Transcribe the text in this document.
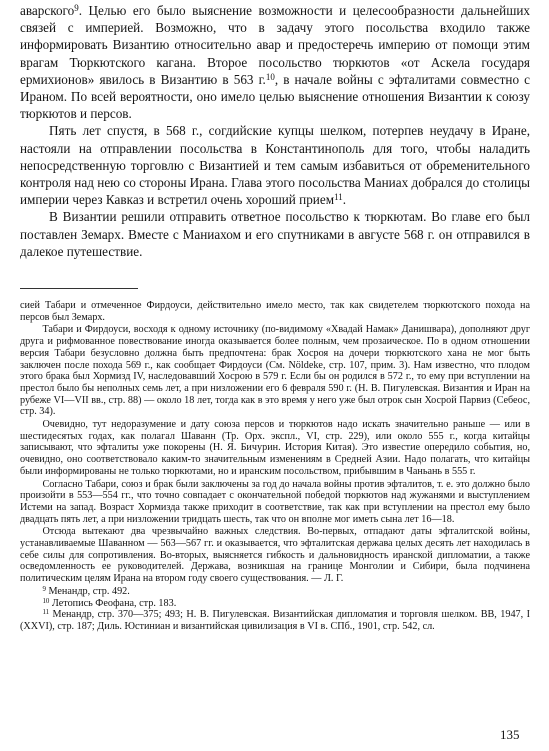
аварского$^9$. Целью его было выяснение возможности и целесообразности дальнейших связей с империей. Возможно, что в задачу этого посольства входило также информировать Византию относительно авар и предостеречь империю от помощи этим врагам Тюркютского кагана. Второе посольство тюркютов «от Аскела государя ермихионов» явилось в Византию в 563 г.$^{10}$, в начале войны с эфталитами совместно с Ираном. По всей вероятности, оно имело целью выяснение отношения Византии к союзу тюркютов и персов.

Пять лет спустя, в 568 г., согдийские купцы шелком, потерпев неудачу в Иране, настояли на отправлении посольства в Константинополь для того, чтобы наладить непосредственную торговлю с Византией и тем самым избавиться от обременительного контроля над нею со стороны Ирана. Глава этого посольства Маниах добрался до столицы империи через Кавказ и встретил очень хороший прием$^{11}$.

В Византии решили отправить ответное посольство к тюркютам. Во главе его был поставлен Земарх. Вместе с Маниахом и его спутниками в августе 568 г. он отправился в далекое путешествие.

сией Табари и отмеченное Фирдоуси, действительно имело место, так как свидетелем тюркютского похода на персов был Земарх.

Табари и Фирдоуси, восходя к одному источнику (по-видимому «Хвадай Намак» Данишвара), дополняют друг друга и рифмованное повествование иногда оказывается более полным, чем прозаическое. По в одном отношении версия Табари безусловно должна быть предпочтена: брак Хосроя на дочери тюркютского хана не мог быть заключен после похода 569 г., как сообщает Фирдоуси (См. Nöldeke, стр. 107, прим. 3). Нам известно, что плодом этого брака был Хормизд IV, наследовавший Хосрою в 579 г. Если бы он родился в 572 г., то ему при вступлении на престол было бы неполных семь лет, а при низложении его 6 февраля 590 г. (Н. В. Пигулевская. Византия и Иран на рубеже VI—VII вв., стр. 88) — около 18 лет, тогда как в это время у него уже был отрок сын Хосрой Парвиз (Себеос, стр. 34).

Очевидно, тут недоразумение и дату союза персов и тюркютов надо искать значительно раньше — или в шестидесятых годах, как полагал Шаванн (Тр. Орх. экспл., VI, стр. 229), или около 555 г., когда китайцы записывают, что эфталиты уже покорены (Н. Я. Бичурин. История Китая). Это известие опередило события, но, очевидно, оно соответствовало каким-то значительным изменениям в Средней Азии. Надо полагать, что китайцы были информированы не только тюркютами, но и иранским посольством, прибывшим в Чаньань в 555 г.

Согласно Табари, союз и брак были заключены за год до начала войны против эфталитов, т. е. это должно было произойти в 553—554 гг., что точно совпадает с окончательной победой тюркютов над жужанями и выступлением Истеми на запад. Возраст Хормизда также приходит в соответствие, так как при вступлении на престол ему было двадцать пять лет, а при низложении тридцать шесть, так что он вполне мог иметь сына лет 16—18.

Отсюда вытекают два чрезвычайно важных следствия. Во-первых, отпадают даты эфталитской войны, устанавливаемые Шаванном — 563—567 гг. и оказывается, что эфталитская держава целых десять лет находилась в себе силы для сопротивления. Во-вторых, выясняется гибкость и дальновидность иранской дипломатии, а также осведомленность ее руководителей. Держава, возникшая на границе Монголии и Сибири, была подчинена политическим целям Ирана на втором году своего существования. — Л. Г.

$^9$ Менандр, стр. 492.

$^{10}$ Летопись Феофана, стр. 183.

$^{11}$ Менандр, стр. 370—375; 493; Н. В. Пигулевская. Византийская дипломатия и торговля шелком. ВВ, 1947, I (XXVI), стр. 187; Диль. Юстиниан и византийская цивилизация в VI в. СПб., 1901, стр. 542, сл.

135
